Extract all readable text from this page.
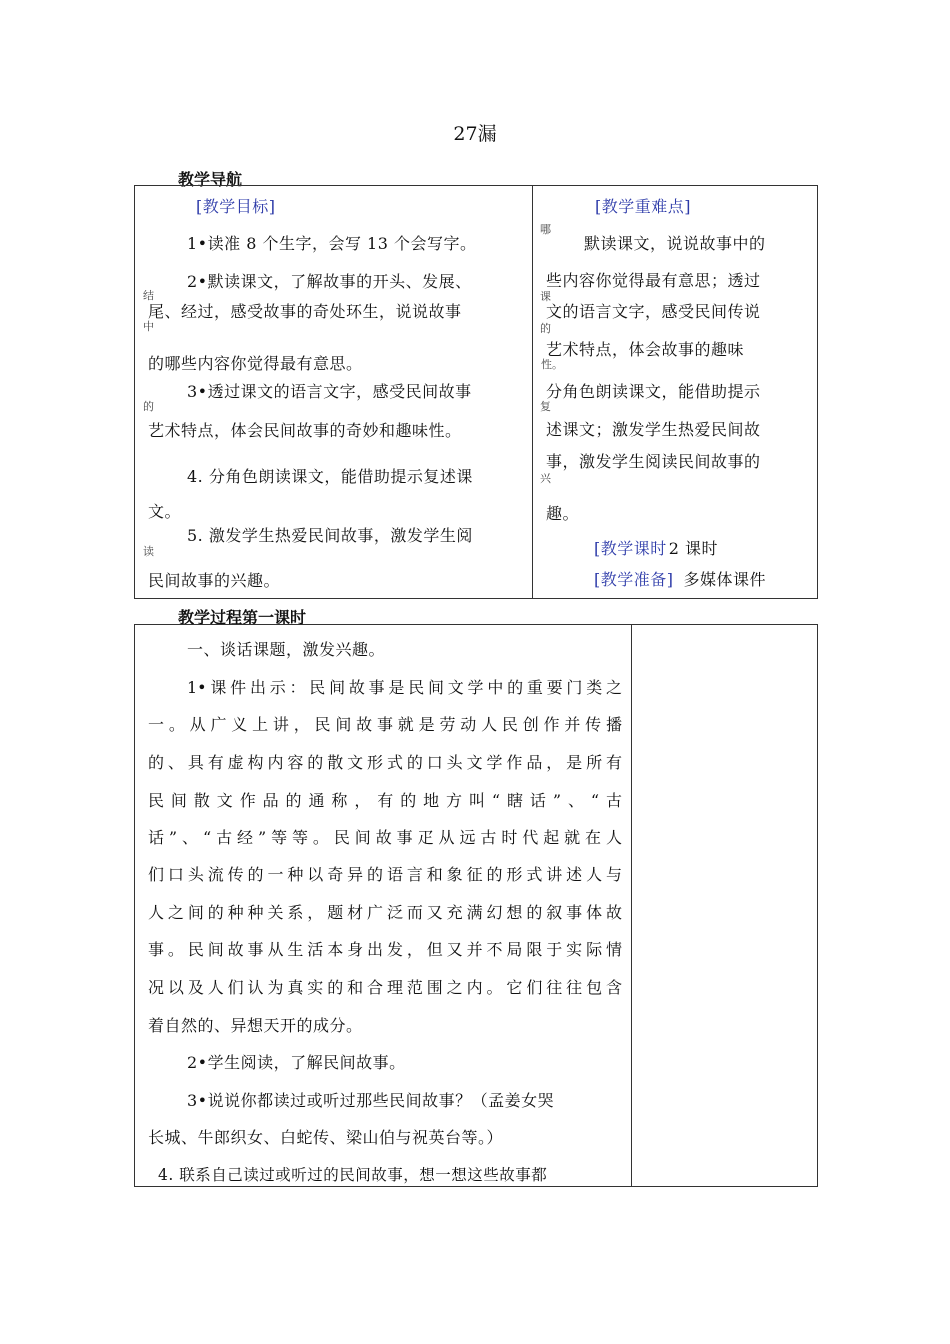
27漏
教学导航
[教学目标]
1•读准 8 个生字，会写 13 个会写字。
2•默读课文，了解故事的开头、发展、
结
尾、经过，感受故事的奇处环生，说说故事
中
的哪些内容你觉得最有意思。
3•透过课文的语言文字，感受民间故事
的
艺术特点，体会民间故事的奇妙和趣味性。
4. 分角色朗读课文，能借助提示复述课
文。
5. 激发学生热爱民间故事，激发学生阅
读
民间故事的兴趣。
[教学重难点]
哪
默读课文，说说故事中的
些内容你觉得最有意思；透过
课
文的语言文字，感受民间传说
的
艺术特点，体会故事的趣味
性。
分角色朗读课文，能借助提示
复
述课文；激发学生热爱民间故
事，激发学生阅读民间故事的
兴
趣。
[教学课时 2 课时
[教学准备] 多媒体课件
教学过程第一课时
一、谈话课题，激发兴趣。
1•课件出示：民间故事是民间文学中的重要门类之
一。从广义上讲，民间故事就是劳动人民创作并传播
的、具有虚构内容的散文形式的口头文学作品，是所有
民间散文作品的通称，有的地方叫“瞎话”、“古
话”、“古经”等等。民间故事疋从远古时代起就在人
们口头流传的一种以奇异的语言和象征的形式讲述人与
人之间的种种关系，题材广泛而又充满幻想的叙事体故
事。民间故事从生活本身出发，但又并不局限于实际情
况以及人们认为真实的和合理范围之内。它们往往包含
着自然的、异想天开的成分。
2•学生阅读，了解民间故事。
3•说说你都读过或听过那些民间故事？（孟姜女哭
长城、牛郎织女、白蛇传、梁山伯与祝英台等。）
4. 联系自己读过或听过的民间故事，想一想这些故事都
